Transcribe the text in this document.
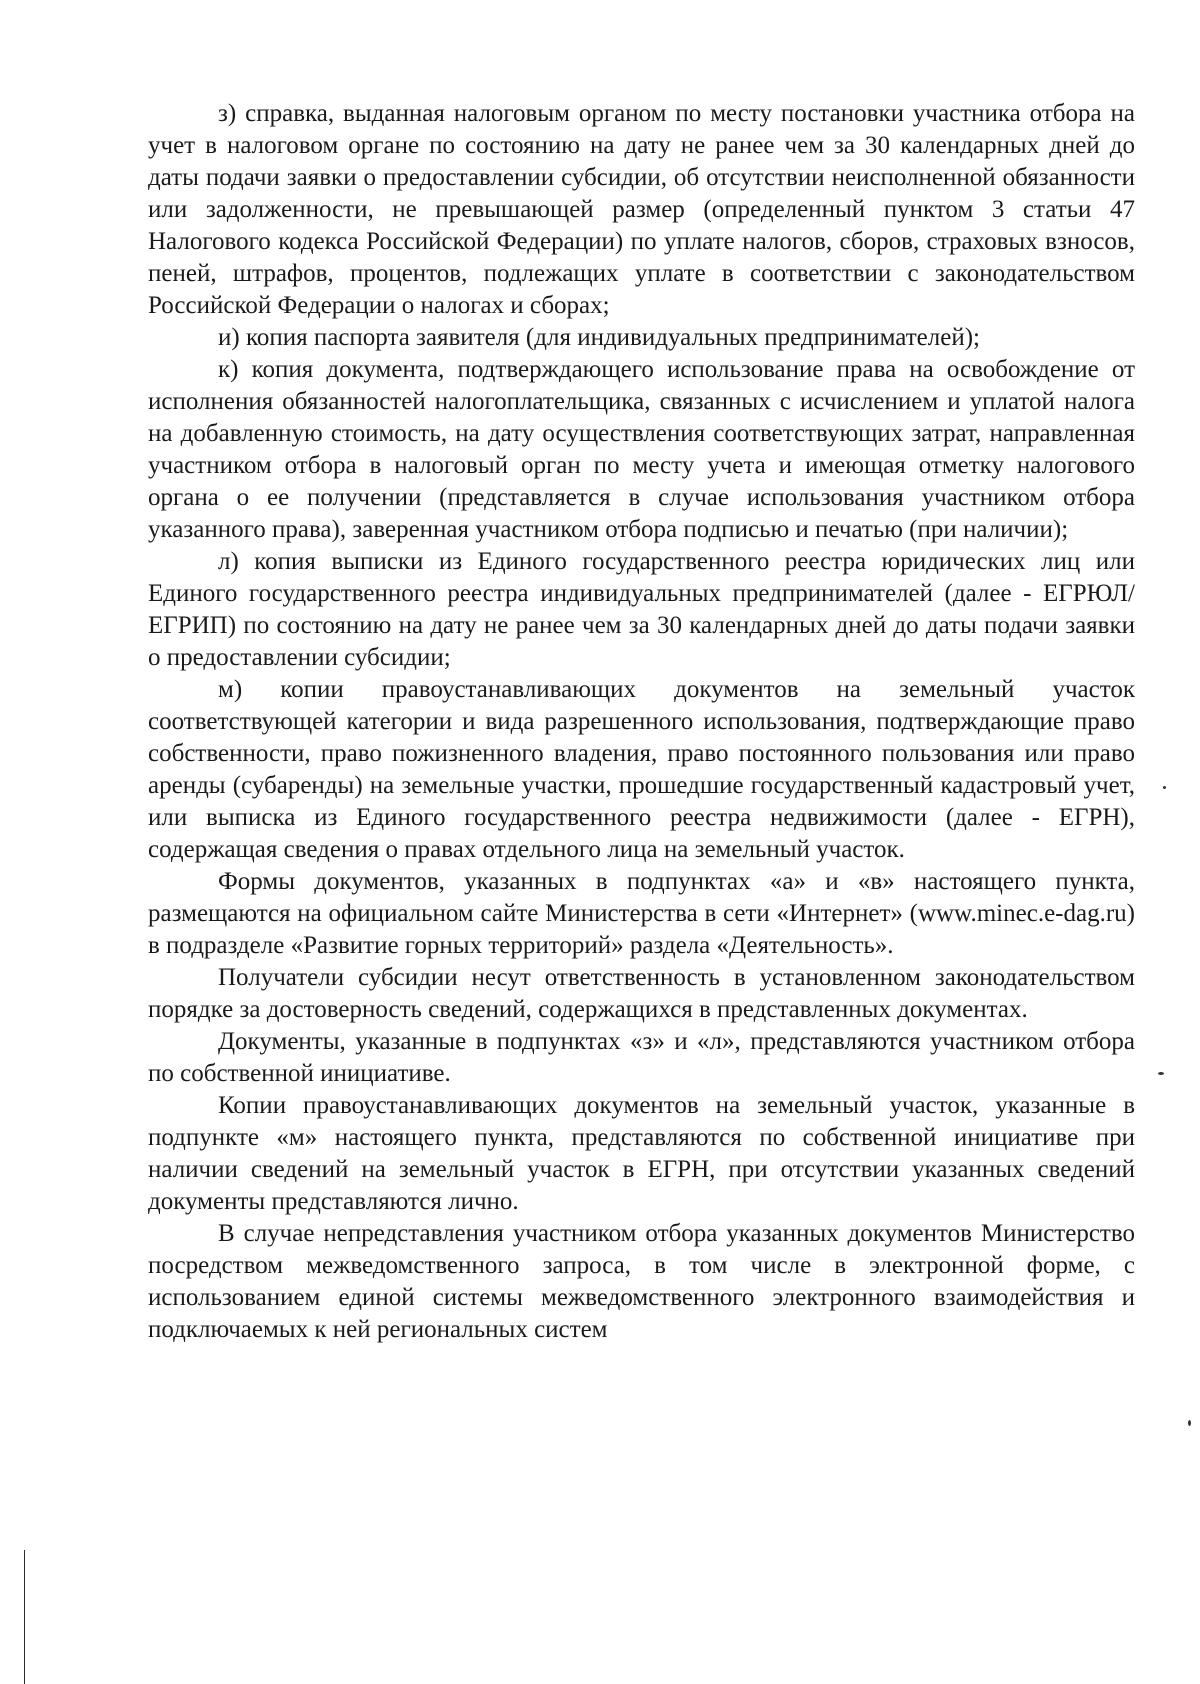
з) справка, выданная налоговым органом по месту постановки участника отбора на учет в налоговом органе по состоянию на дату не ранее чем за 30 календарных дней до даты подачи заявки о предоставлении субсидии, об отсутствии неисполненной обязанности или задолженности, не превышающей размер (определенный пунктом 3 статьи 47 Налогового кодекса Российской Федерации) по уплате налогов, сборов, страховых взносов, пеней, штрафов, процентов, подлежащих уплате в соответствии с законодательством Российской Федерации о налогах и сборах;

и) копия паспорта заявителя (для индивидуальных предпринимателей);

к) копия документа, подтверждающего использование права на освобождение от исполнения обязанностей налогоплательщика, связанных с исчислением и уплатой налога на добавленную стоимость, на дату осуществления соответствующих затрат, направленная участником отбора в налоговый орган по месту учета и имеющая отметку налогового органа о ее получении (представляется в случае использования участником отбора указанного права), заверенная участником отбора подписью и печатью (при наличии);

л) копия выписки из Единого государственного реестра юридических лиц или Единого государственного реестра индивидуальных предпринимателей (далее - ЕГРЮЛ/ЕГРИП) по состоянию на дату не ранее чем за 30 календарных дней до даты подачи заявки о предоставлении субсидии;

м) копии правоустанавливающих документов на земельный участок соответствующей категории и вида разрешенного использования, подтверждающие право собственности, право пожизненного владения, право постоянного пользования или право аренды (субаренды) на земельные участки, прошедшие государственный кадастровый учет, или выписка из Единого государственного реестра недвижимости (далее - ЕГРН), содержащая сведения о правах отдельного лица на земельный участок.

Формы документов, указанных в подпунктах «а» и «в» настоящего пункта, размещаются на официальном сайте Министерства в сети «Интернет» (www.minec.e-dag.ru) в подразделе «Развитие горных территорий» раздела «Деятельность».

Получатели субсидии несут ответственность в установленном законодательством порядке за достоверность сведений, содержащихся в представленных документах.

Документы, указанные в подпунктах «з» и «л», представляются участником отбора по собственной инициативе.

Копии правоустанавливающих документов на земельный участок, указанные в подпункте «м» настоящего пункта, представляются по собственной инициативе при наличии сведений на земельный участок в ЕГРН, при отсутствии указанных сведений документы представляются лично.

В случае непредставления участником отбора указанных документов Министерство посредством межведомственного запроса, в том числе в электронной форме, с использованием единой системы межведомственного электронного взаимодействия и подключаемых к ней региональных систем
